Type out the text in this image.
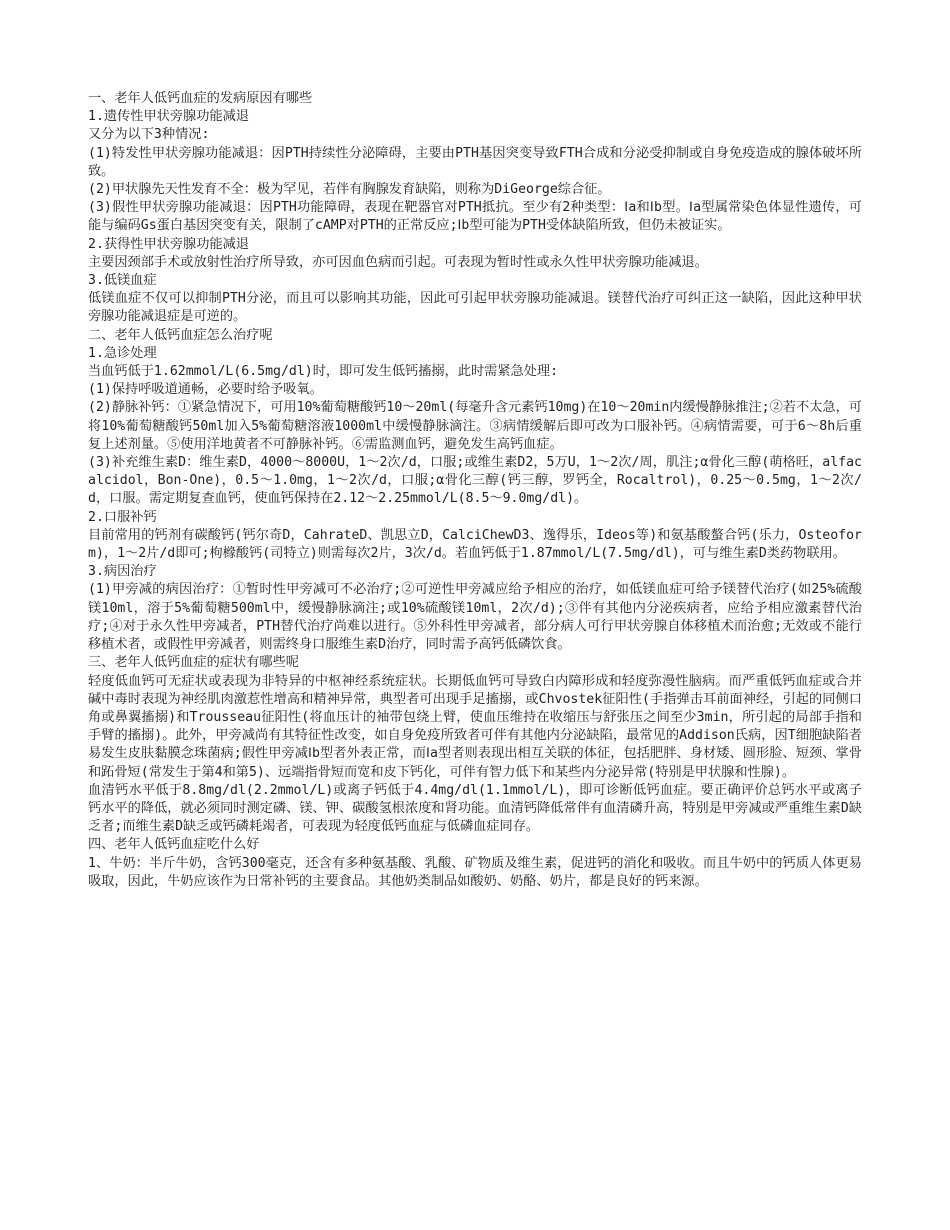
一、老年人低钙血症的发病原因有哪些

1.遗传性甲状旁腺功能减退

又分为以下3种情况:

(1)特发性甲状旁腺功能减退：因PTH持续性分泌障碍，主要由PTH基因突变导致FTH合成和分泌受抑制或自身免疫造成的腺体破坏所致。

(2)甲状腺先天性发育不全：极为罕见，若伴有胸腺发育缺陷，则称为DiGeorge综合征。

(3)假性甲状旁腺功能减退：因PTH功能障碍，表现在靶器官对PTH抵抗。至少有2种类型：Ⅰa和Ⅰb型。Ⅰa型属常染色体显性遗传，可能与编码Gs蛋白基因突变有关，限制了cAMP对PTH的正常反应;Ⅰb型可能为PTH受体缺陷所致，但仍未被证实。

2.获得性甲状旁腺功能减退

主要因颈部手术或放射性治疗所导致，亦可因血色病而引起。可表现为暂时性或永久性甲状旁腺功能减退。

3.低镁血症

低镁血症不仅可以抑制PTH分泌，而且可以影响其功能，因此可引起甲状旁腺功能减退。镁替代治疗可纠正这一缺陷，因此这种甲状旁腺功能减退症是可逆的。

二、老年人低钙血症怎么治疗呢

1.急诊处理

当血钙低于1.62mmol/L(6.5mg/dl)时，即可发生低钙搐搦，此时需紧急处理:

(1)保持呼吸道通畅，必要时给予吸氧。

(2)静脉补钙：①紧急情况下，可用10%葡萄糖酸钙10～20ml(每毫升含元素钙10mg)在10～20min内缓慢静脉推注;②若不太急，可将10%葡萄糖酸钙50ml加入5%葡萄糖溶液1000ml中缓慢静脉滴注。③病情缓解后即可改为口服补钙。④病情需要，可于6～8h后重复上述剂量。⑤使用洋地黄者不可静脉补钙。⑥需监测血钙，避免发生高钙血症。

(3)补充维生素D：维生素D，4000～8000U，1～2次/d，口服;或维生素D2，5万U，1～2次/周，肌注;α骨化三醇(萌格旺，alfacalcidol，Bon-One)，0.5～1.0mg，1～2次/d，口服;α骨化三醇(钙三醇，罗钙全，Rocaltrol)，0.25～0.5mg，1～2次/d，口服。需定期复查血钙，使血钙保持在2.12～2.25mmol/L(8.5～9.0mg/dl)。

2.口服补钙

目前常用的钙剂有碳酸钙(钙尔奇D，CahrateD、凯思立D，CalciChewD3、逸得乐，Ideos等)和氨基酸螯合钙(乐力，Osteoform)，1～2片/d即可;枸橼酸钙(司特立)则需每次2片，3次/d。若血钙低于1.87mmol/L(7.5mg/dl)，可与维生素D类药物联用。

3.病因治疗

(1)甲旁减的病因治疗：①暂时性甲旁减可不必治疗;②可逆性甲旁减应给予相应的治疗，如低镁血症可给予镁替代治疗(如25%硫酸镁10ml，溶于5%葡萄糖500ml中，缓慢静脉滴注;或10%硫酸镁10ml，2次/d);③伴有其他内分泌疾病者，应给予相应激素替代治疗;④对于永久性甲旁减者，PTH替代治疗尚难以进行。⑤外科性甲旁减者，部分病人可行甲状旁腺自体移植术而治愈;无效或不能行移植术者，或假性甲旁减者，则需终身口服维生素D治疗，同时需予高钙低磷饮食。

三、老年人低钙血症的症状有哪些呢

轻度低血钙可无症状或表现为非特异的中枢神经系统症状。长期低血钙可导致白内障形成和轻度弥漫性脑病。而严重低钙血症或合并碱中毒时表现为神经肌肉激惹性增高和精神异常，典型者可出现手足搐搦，或Chvostek征阳性(手指弹击耳前面神经，引起的同侧口角或鼻翼搐搦)和Trousseau征阳性(将血压计的袖带包绕上臂，使血压维持在收缩压与舒张压之间至少3min，所引起的局部手指和手臂的搐搦)。此外，甲旁减尚有其特征性改变，如自身免疫所致者可伴有其他内分泌缺陷，最常见的Addison氏病，因T细胞缺陷者易发生皮肤黏膜念珠菌病;假性甲旁减Ⅰb型者外表正常，而Ⅰa型者则表现出相互关联的体征，包括肥胖、身材矮、圆形脸、短颈、掌骨和跖骨短(常发生于第4和第5)、远端指骨短而宽和皮下钙化，可伴有智力低下和某些内分泌异常(特别是甲状腺和性腺)。

血清钙水平低于8.8mg/dl(2.2mmol/L)或离子钙低于4.4mg/dl(1.1mmol/L)，即可诊断低钙血症。要正确评价总钙水平或离子钙水平的降低，就必须同时测定磷、镁、钾、碳酸氢根浓度和肾功能。血清钙降低常伴有血清磷升高，特别是甲旁减或严重维生素D缺乏者;而维生素D缺乏或钙磷耗竭者，可表现为轻度低钙血症与低磷血症同存。

四、老年人低钙血症吃什么好

1、牛奶：半斤牛奶，含钙300毫克，还含有多种氨基酸、乳酸、矿物质及维生素，促进钙的消化和吸收。而且牛奶中的钙质人体更易吸取，因此，牛奶应该作为日常补钙的主要食品。其他奶类制品如酸奶、奶酪、奶片，都是良好的钙来源。
